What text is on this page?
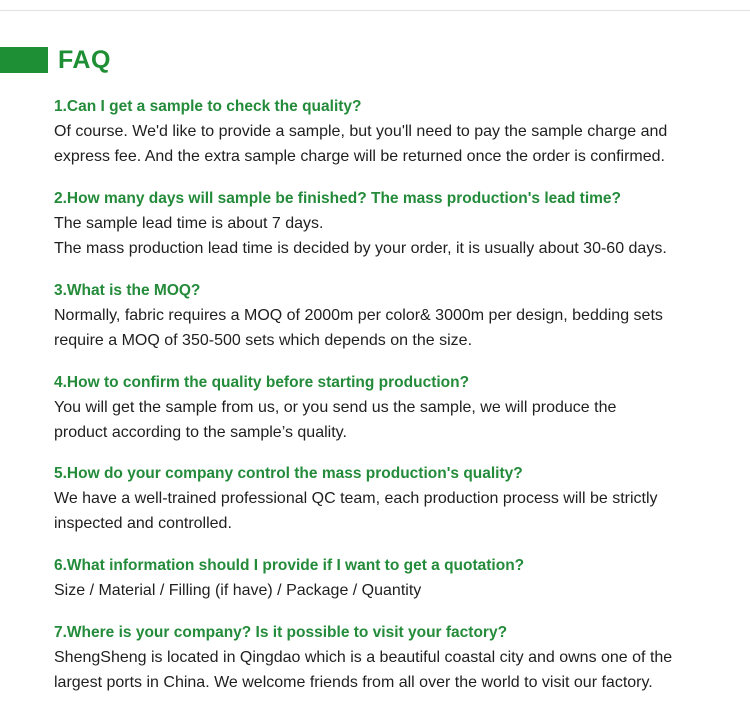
FAQ
1.Can I get a sample to check the quality?
Of course. We'd like to provide a sample, but you'll need to pay the sample charge and
express fee. And the extra sample charge will be returned once the order is confirmed.
2.How many days will sample be finished? The mass production's lead time?
The sample lead time is about 7 days.
The mass production lead time is decided by your order, it is usually about 30-60 days.
3.What is the MOQ?
Normally, fabric requires a MOQ of 2000m per color& 3000m per design, bedding sets
require a MOQ of 350-500 sets which depends on the size.
4.How to confirm the quality before starting production?
You will get the sample from us, or you send us the sample, we will produce the
product according to the sample’s quality.
5.How do your company control the mass production's quality?
We have a well-trained professional QC team, each production process will be strictly
inspected and controlled.
6.What information should I provide if I want to get a quotation?
Size / Material / Filling (if have) / Package / Quantity
7.Where is your company? Is it possible to visit your factory?
ShengSheng is located in Qingdao which is a beautiful coastal city and owns one of the
largest ports in China. We welcome friends from all over the world to visit our factory.
